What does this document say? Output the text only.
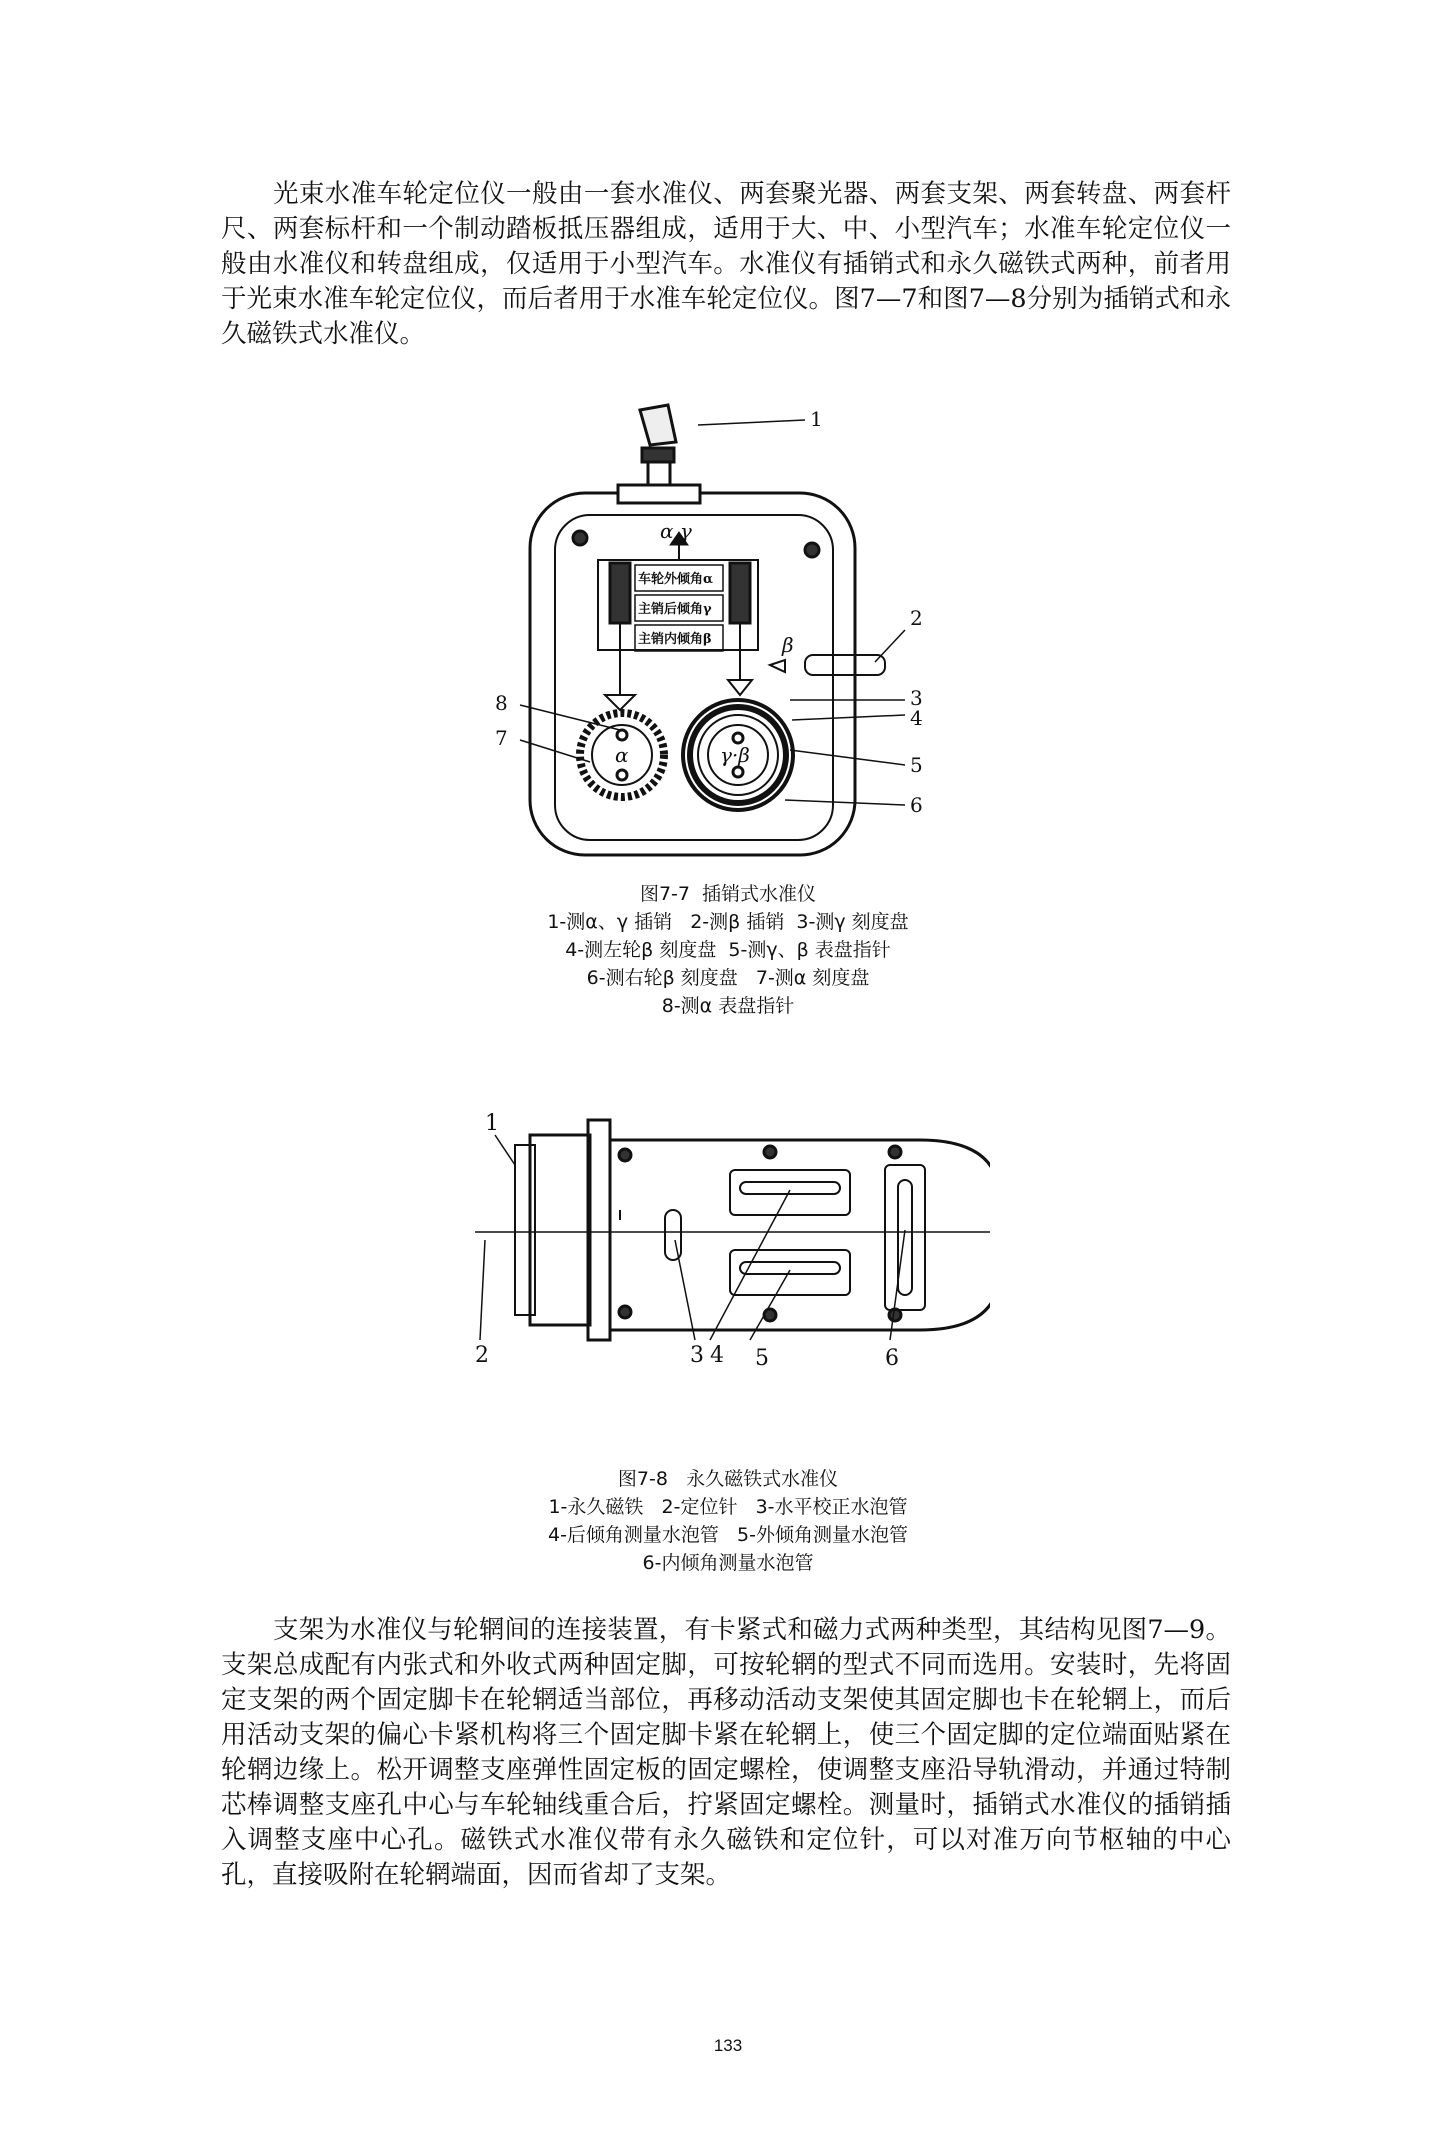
光束水准车轮定位仪一般由一套水准仪、两套聚光器、两套支架、两套转盘、两套杆尺、两套标杆和一个制动踏板抵压器组成，适用于大、中、小型汽车；水准车轮定位仪一般由水准仪和转盘组成，仅适用于小型汽车。水准仪有插销式和永久磁铁式两种，前者用于光束水准车轮定位仪，而后者用于水准车轮定位仪。图7—7和图7—8分别为插销式和永久磁铁式水准仪。

车轮外倾角α
主销后倾角γ
主销内倾角β
α γ
β
α	γ·β
1
2
3
4
5
6
7
8
图7-7  插销式水准仪
1-测α、γ 插销   2-测β 插销  3-测γ 刻度盘
4-测左轮β 刻度盘  5-测γ、β 表盘指针
6-测右轮β 刻度盘   7-测α 刻度盘
8-测α 表盘指针
1
2	3 4 5	6
图7-8   永久磁铁式水准仪
1-永久磁铁   2-定位针   3-水平校正水泡管
4-后倾角测量水泡管   5-外倾角测量水泡管
6-内倾角测量水泡管

支架为水准仪与轮辋间的连接装置，有卡紧式和磁力式两种类型，其结构见图7—9。支架总成配有内张式和外收式两种固定脚，可按轮辋的型式不同而选用。安装时，先将固定支架的两个固定脚卡在轮辋适当部位，再移动活动支架使其固定脚也卡在轮辋上，而后用活动支架的偏心卡紧机构将三个固定脚卡紧在轮辋上，使三个固定脚的定位端面贴紧在轮辋边缘上。松开调整支座弹性固定板的固定螺栓，使调整支座沿导轨滑动，并通过特制芯棒调整支座孔中心与车轮轴线重合后，拧紧固定螺栓。测量时，插销式水准仪的插销插入调整支座中心孔。磁铁式水准仪带有永久磁铁和定位针，可以对准万向节枢轴的中心孔，直接吸附在轮辋端面，因而省却了支架。

133
